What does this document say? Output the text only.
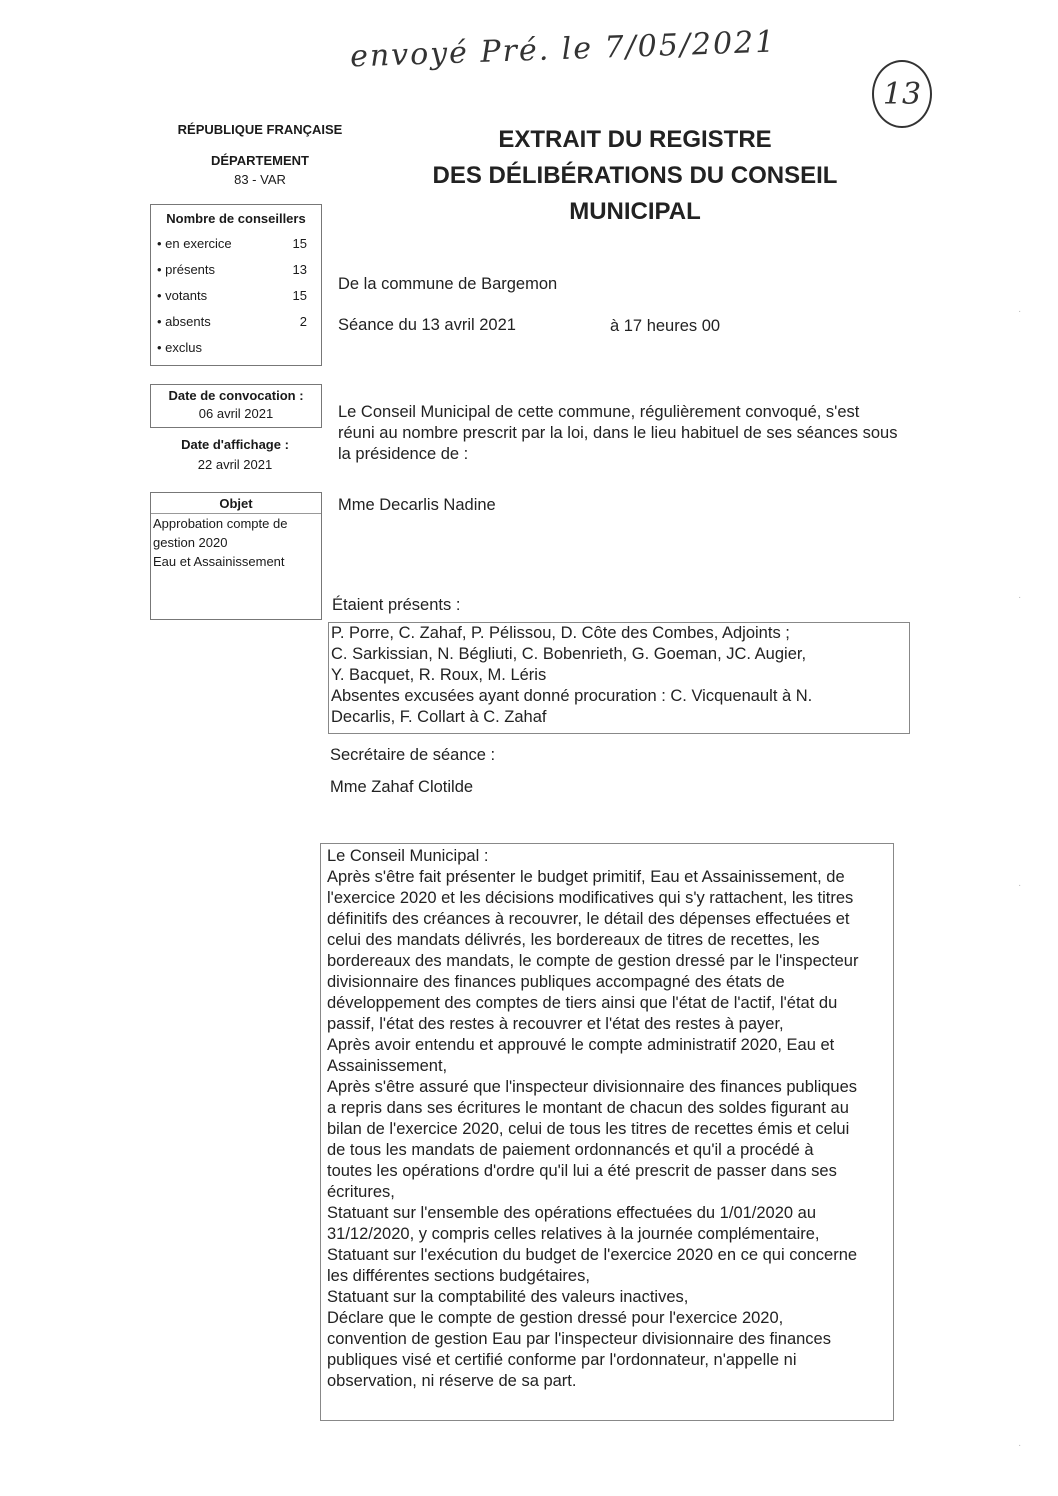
envoyé Pré. le 7/05/2021
13
RÉPUBLIQUE FRANÇAISE
DÉPARTEMENT
83 - VAR
EXTRAIT DU REGISTRE
DES DÉLIBÉRATIONS DU CONSEIL
MUNICIPAL
Nombre de conseillers
• en exercice	15
• présents	13
• votants	15
• absents	2
• exclus
Date de convocation :
06 avril 2021
Date d'affichage :
22 avril 2021
Objet
Approbation compte de
gestion 2020
Eau et Assainissement
De la commune de Bargemon
Séance du 13 avril 2021	à 17 heures 00
Le Conseil Municipal de cette commune, régulièrement convoqué, s'est réuni au nombre prescrit par la loi, dans le lieu habituel de ses séances sous la présidence de :
Mme Decarlis Nadine
Étaient présents :
P. Porre, C. Zahaf, P. Pélissou, D. Côte des Combes, Adjoints ;
C. Sarkissian, N. Bégliuti, C. Bobenrieth, G. Goeman, JC. Augier,
Y. Bacquet, R. Roux, M. Léris
Absentes excusées ayant donné procuration : C. Vicquenault à N.
Decarlis, F. Collart à C. Zahaf
Secrétaire de séance :
Mme Zahaf Clotilde
Le Conseil Municipal :
Après s'être fait présenter le budget primitif, Eau et Assainissement, de
l'exercice 2020 et les décisions modificatives qui s'y rattachent, les titres
définitifs des créances à recouvrer, le détail des dépenses effectuées et
celui des mandats délivrés, les bordereaux de titres de recettes, les
bordereaux des mandats, le compte de gestion dressé par le l'inspecteur
divisionnaire des finances publiques accompagné des états de
développement des comptes de tiers ainsi que l'état de l'actif, l'état du
passif, l'état des restes à recouvrer et l'état des restes à payer,
Après avoir entendu et approuvé le compte administratif 2020, Eau et
Assainissement,
Après s'être assuré que l'inspecteur divisionnaire des finances publiques
a repris dans ses écritures le montant de chacun des soldes figurant au
bilan de l'exercice 2020, celui de tous les titres de recettes émis et celui
de tous les mandats de paiement ordonnancés et qu'il a procédé à
toutes les opérations d'ordre qu'il lui a été prescrit de passer dans ses
écritures,
Statuant sur l'ensemble des opérations effectuées du 1/01/2020 au
31/12/2020, y compris celles relatives à la journée complémentaire,
Statuant sur l'exécution du budget de l'exercice 2020 en ce qui concerne
les différentes sections budgétaires,
Statuant sur la comptabilité des valeurs inactives,
Déclare que le compte de gestion dressé pour l'exercice 2020,
convention de gestion Eau par l'inspecteur divisionnaire des finances
publiques visé et certifié conforme par l'ordonnateur, n'appelle ni
observation, ni réserve de sa part.
·
·
·
·
